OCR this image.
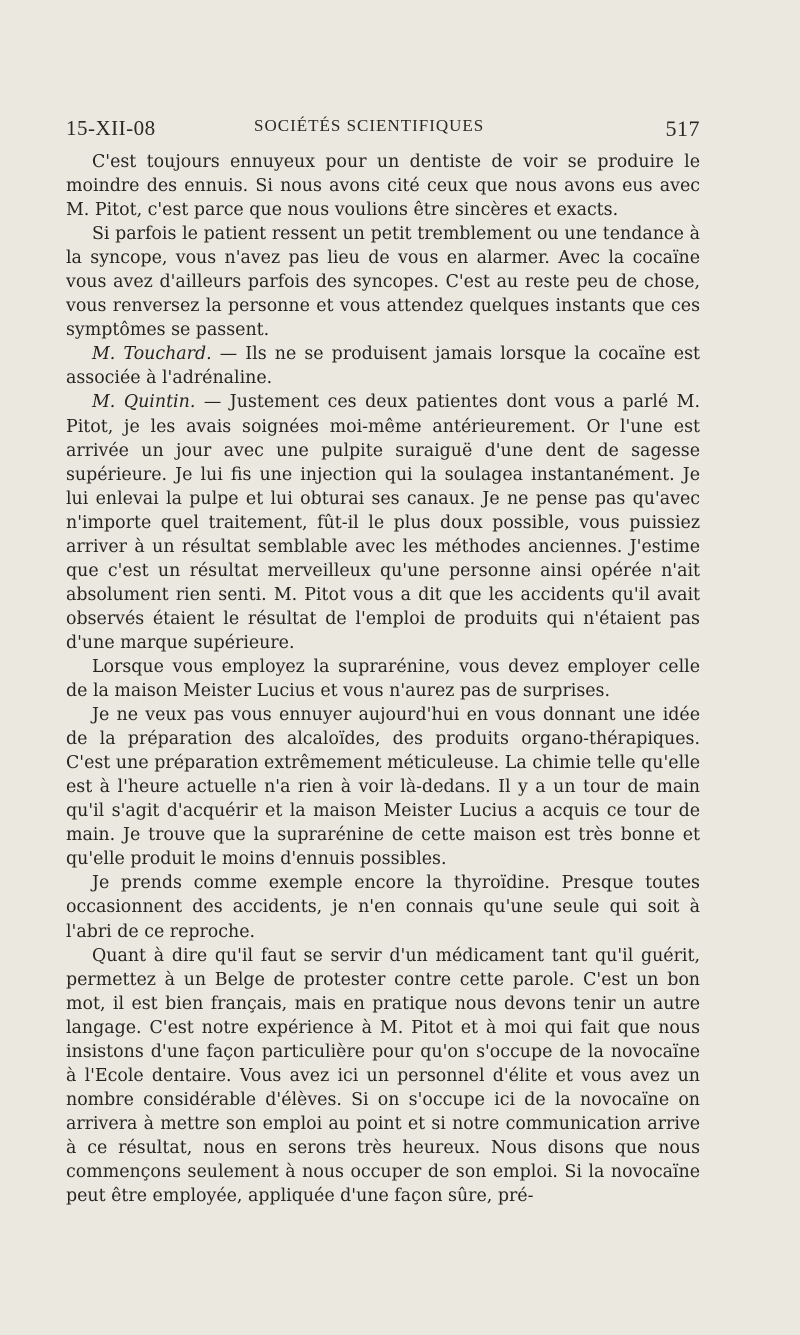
15-XII-08	SOCIÉTÉS SCIENTIFIQUES	517

C'est toujours ennuyeux pour un dentiste de voir se produire le moindre des ennuis. Si nous avons cité ceux que nous avons eus avec M. Pitot, c'est parce que nous voulions être sincères et exacts.

Si parfois le patient ressent un petit tremblement ou une tendance à la syncope, vous n'avez pas lieu de vous en alarmer. Avec la cocaïne vous avez d'ailleurs parfois des syncopes. C'est au reste peu de chose, vous renversez la personne et vous attendez quelques instants que ces symptômes se passent.

M. Touchard. — Ils ne se produisent jamais lorsque la cocaïne est associée à l'adrénaline.

M. Quintin. — Justement ces deux patientes dont vous a parlé M. Pitot, je les avais soignées moi-même antérieurement. Or l'une est arrivée un jour avec une pulpite suraiguë d'une dent de sagesse supérieure. Je lui fis une injection qui la soulagea instantanément. Je lui enlevai la pulpe et lui obturai ses canaux. Je ne pense pas qu'avec n'importe quel traitement, fût-il le plus doux possible, vous puissiez arriver à un résultat semblable avec les méthodes anciennes. J'estime que c'est un résultat merveilleux qu'une personne ainsi opérée n'ait absolument rien senti. M. Pitot vous a dit que les accidents qu'il avait observés étaient le résultat de l'emploi de produits qui n'étaient pas d'une marque supérieure.

Lorsque vous employez la suprarénine, vous devez employer celle de la maison Meister Lucius et vous n'aurez pas de surprises.

Je ne veux pas vous ennuyer aujourd'hui en vous donnant une idée de la préparation des alcaloïdes, des produits organo-thérapiques. C'est une préparation extrêmement méticuleuse. La chimie telle qu'elle est à l'heure actuelle n'a rien à voir là-dedans. Il y a un tour de main qu'il s'agit d'acquérir et la maison Meister Lucius a acquis ce tour de main. Je trouve que la suprarénine de cette maison est très bonne et qu'elle produit le moins d'ennuis possibles.

Je prends comme exemple encore la thyroïdine. Presque toutes occasionnent des accidents, je n'en connais qu'une seule qui soit à l'abri de ce reproche.

Quant à dire qu'il faut se servir d'un médicament tant qu'il guérit, permettez à un Belge de protester contre cette parole. C'est un bon mot, il est bien français, mais en pratique nous devons tenir un autre langage. C'est notre expérience à M. Pitot et à moi qui fait que nous insistons d'une façon particulière pour qu'on s'occupe de la novocaïne à l'Ecole dentaire. Vous avez ici un personnel d'élite et vous avez un nombre considérable d'élèves. Si on s'occupe ici de la novocaïne on arrivera à mettre son emploi au point et si notre communication arrive à ce résultat, nous en serons très heureux. Nous disons que nous commençons seulement à nous occuper de son emploi. Si la novocaïne peut être employée, appliquée d'une façon sûre, pré-
